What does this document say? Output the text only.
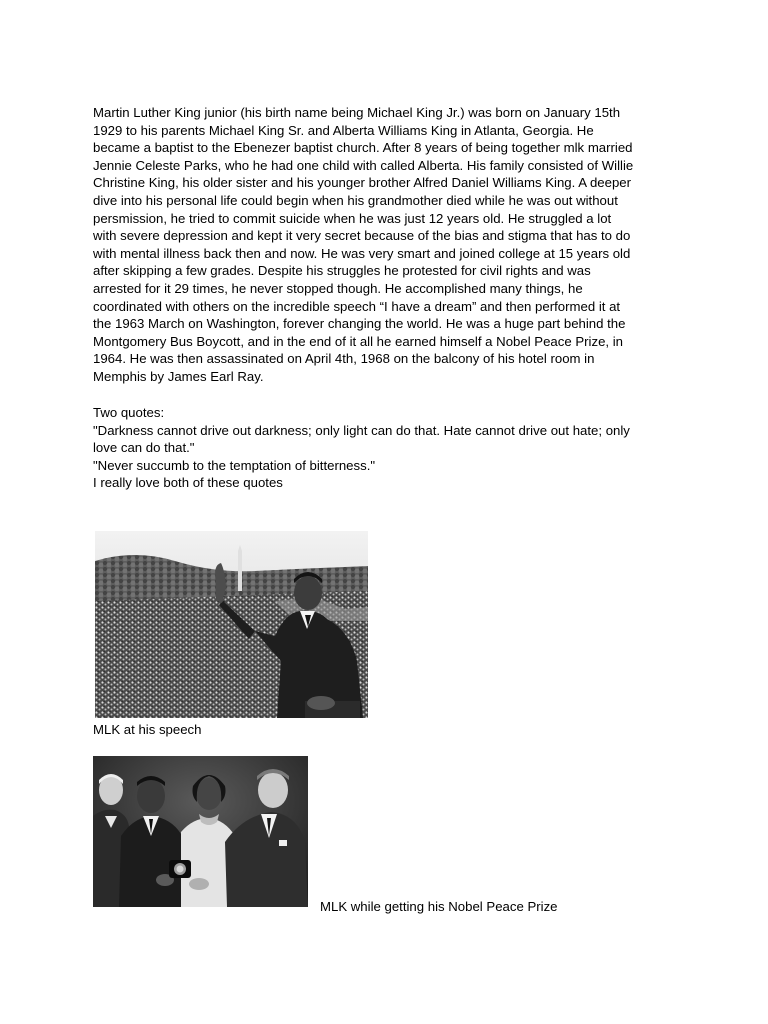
Martin Luther King junior (his birth name being Michael King Jr.) was born on January 15th
1929 to his parents Michael King Sr. and Alberta Williams King in Atlanta, Georgia. He
became a baptist to the Ebenezer baptist church. After 8 years of being together mlk married
Jennie Celeste Parks, who he had one child with called Alberta. His family consisted of Willie
Christine King, his older sister and his younger brother Alfred Daniel Williams King. A deeper
dive into his personal life could begin when his grandmother died while he was out without
persmission, he tried to commit suicide when he was just 12 years old. He struggled a lot
with severe depression and kept it very secret because of the bias and stigma that has to do
with mental illness back then and now. He was very smart and joined college at 15 years old
after skipping a few grades. Despite his struggles he protested for civil rights and was
arrested for it 29 times, he never stopped though. He accomplished many things, he
coordinated with others on the incredible speech “I have a dream” and then performed it at
the 1963 March on Washington, forever changing the world. He was a huge part behind the
Montgomery Bus Boycott, and in the end of it all he earned himself a Nobel Peace Prize, in
1964. He was then assassinated on April 4th, 1968 on the balcony of his hotel room in
Memphis by James Earl Ray.
Two quotes:
"Darkness cannot drive out darkness; only light can do that. Hate cannot drive out hate; only
love can do that."
"Never succumb to the temptation of bitterness."
I really love both of these quotes
MLK at his speech
MLK while getting his Nobel Peace Prize
